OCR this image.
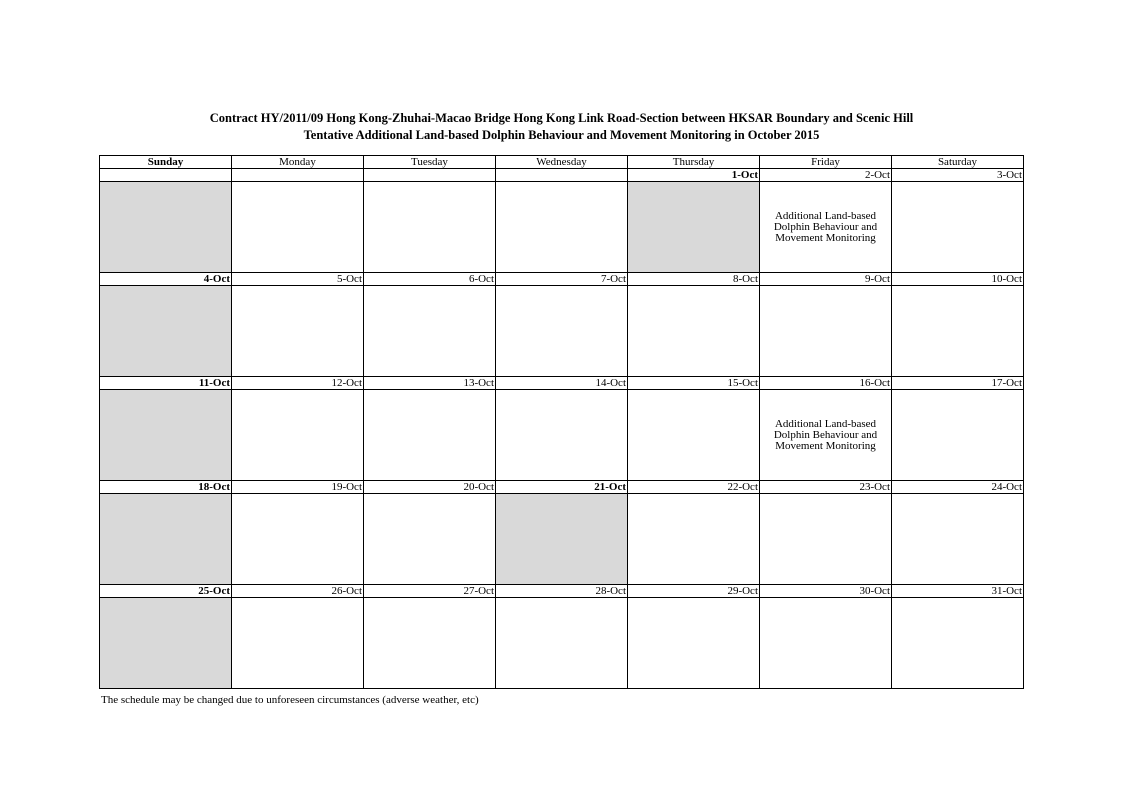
Contract HY/2011/09 Hong Kong-Zhuhai-Macao Bridge Hong Kong Link Road-Section between HKSAR Boundary and Scenic Hill
Tentative Additional Land-based Dolphin Behaviour and Movement Monitoring in October 2015
Sunday	Monday	Tuesday	Wednesday	Thursday	Friday	Saturday
				1-Oct	2-Oct	3-Oct
					Additional Land-based Dolphin Behaviour and Movement Monitoring	
4-Oct	5-Oct	6-Oct	7-Oct	8-Oct	9-Oct	10-Oct

11-Oct	12-Oct	13-Oct	14-Oct	15-Oct	16-Oct	17-Oct
					Additional Land-based Dolphin Behaviour and Movement Monitoring	
18-Oct	19-Oct	20-Oct	21-Oct	22-Oct	23-Oct	24-Oct

25-Oct	26-Oct	27-Oct	28-Oct	29-Oct	30-Oct	31-Oct

The schedule may be changed due to unforeseen circumstances (adverse weather, etc)
